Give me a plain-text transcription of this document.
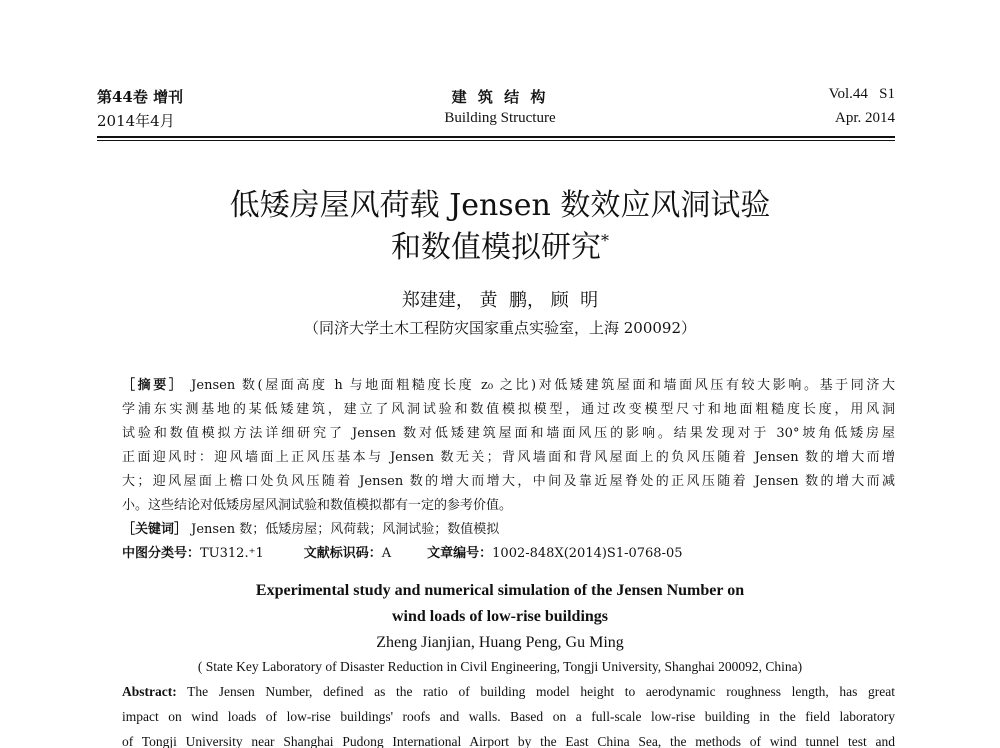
第44卷 增刊
2014年4月
建 筑 结 构
Building Structure
Vol.44   S1
Apr. 2014
低矮房屋风荷载 Jensen 数效应风洞试验
和数值模拟研究*
郑建建， 黄  鹏， 顾  明
（同济大学土木工程防灾国家重点实验室，上海 200092）
［摘要］ Jensen 数(屋面高度 h 与地面粗糙度长度 z₀ 之比)对低矮建筑屋面和墙面风压有较大影响。基于同济大
学浦东实测基地的某低矮建筑，建立了风洞试验和数值模拟模型，通过改变模型尺寸和地面粗糙度长度，用风洞
试验和数值模拟方法详细研究了 Jensen 数对低矮建筑屋面和墙面风压的影响。结果发现对于 30°坡角低矮房屋
正面迎风时：迎风墙面上正风压基本与 Jensen 数无关；背风墙面和背风屋面上的负风压随着 Jensen 数的增大而增
大；迎风屋面上檐口处负风压随着 Jensen 数的增大而增大，中间及靠近屋脊处的正风压随着 Jensen 数的增大而减
小。这些结论对低矮房屋风洞试验和数值模拟都有一定的参考价值。
［关键词］ Jensen 数；低矮房屋；风荷载；风洞试验；数值模拟
中图分类号：TU312.⁺1	文献标识码：A	文章编号：1002-848X(2014)S1-0768-05
Experimental study and numerical simulation of the Jensen Number on
wind loads of low-rise buildings
Zheng Jianjian, Huang Peng, Gu Ming
( State Key Laboratory of Disaster Reduction in Civil Engineering, Tongji University, Shanghai 200092, China)
Abstract: The Jensen Number, defined as the ratio of building model height to aerodynamic roughness length, has great
impact on wind loads of low-rise buildings' roofs and walls. Based on a full-scale low-rise building in the field laboratory
of Tongji University near Shanghai Pudong International Airport by the East China Sea, the methods of wind tunnel test and
